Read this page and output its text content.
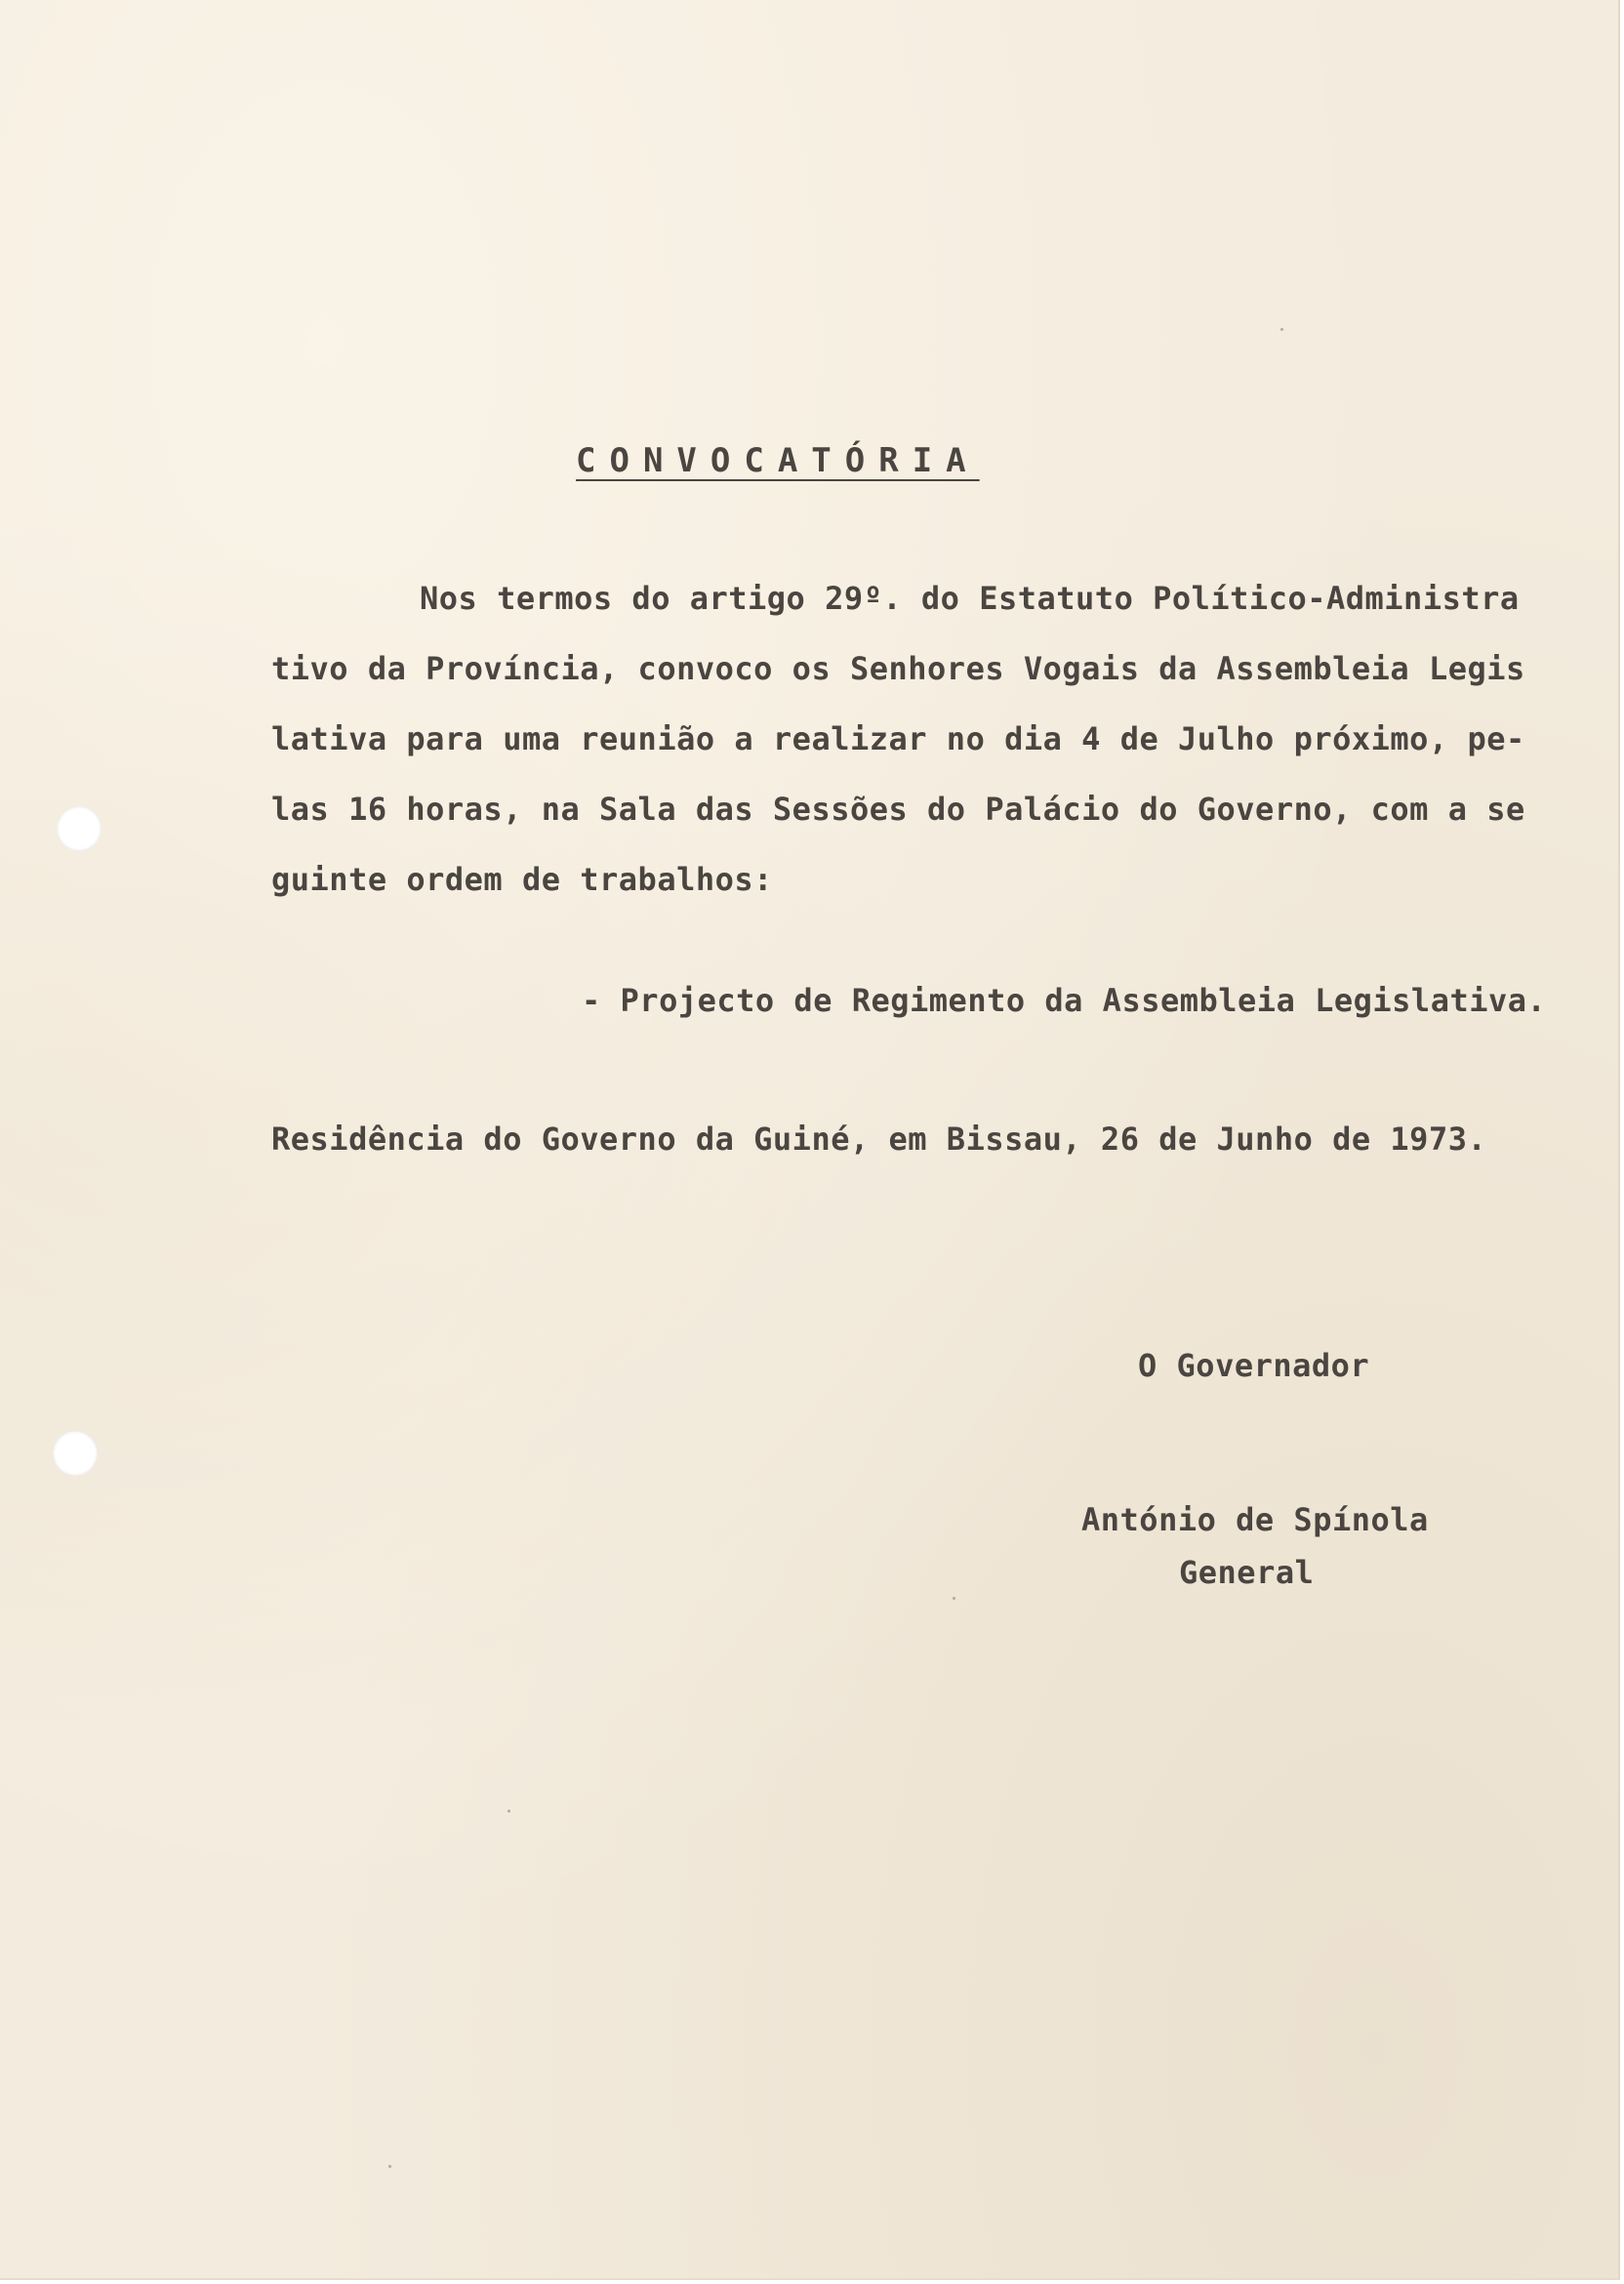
CONVOCATÓRIA
Nos termos do artigo 29º. do Estatuto Político-Administra
tivo da Província, convoco os Senhores Vogais da Assembleia Legis
lativa para uma reunião a realizar no dia 4 de Julho próximo, pe-
las 16 horas, na Sala das Sessões do Palácio do Governo, com a se
guinte ordem de trabalhos:
- Projecto de Regimento da Assembleia Legislativa.
Residência do Governo da Guiné, em Bissau, 26 de Junho de 1973.
O Governador
António de Spínola
General
